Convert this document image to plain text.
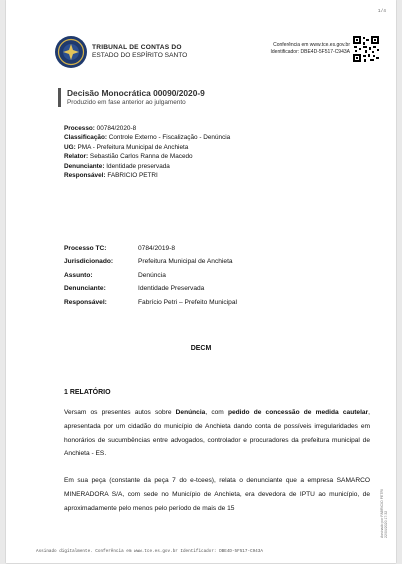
1/4
TRIBUNAL DE CONTAS DO
ESTADO DO ESPÍRITO SANTO
Conferência em www.tce.es.gov.br
Identificador: DBE4D-5F517-C943A
Decisão Monocrática 00090/2020-9
Produzido em fase anterior ao julgamento
Processo: 00784/2020-8
Classificação: Controle Externo - Fiscalização - Denúncia
UG: PMA - Prefeitura Municipal de Anchieta
Relator: Sebastião Carlos Ranna de Macedo
Denunciante: Identidade preservada
Responsável: FABRICIO PETRI
Processo TC:	0784/2019-8
Jurisdicionado:	Prefeitura Municipal de Anchieta
Assunto:	Denúncia
Denunciante:	Identidade Preservada
Responsável:	Fabrício Petri – Prefeito Municipal
DECM
1 RELATÓRIO
Versam os presentes autos sobre Denúncia, com pedido de concessão de medida cautelar, apresentada por um cidadão do município de Anchieta dando conta de possíveis irregularidades em honorários de sucumbências entre advogados, controlador e procuradores da prefeitura municipal de Anchieta - ES.
Em sua peça (constante da peça 7 do e-tcees), relata o denunciante que a empresa SAMARCO MINERADORA S/A, com sede no Município de Anchieta, era devedora de IPTU ao município, de aproximadamente pelo menos pelo período de mais de 15	Assinado por FABRICIO PETRI 22/04/2020 17:32
Assinado digitalmente. Conferência em www.tce.es.gov.br Identificador: DBE4D-5F517-C943A
